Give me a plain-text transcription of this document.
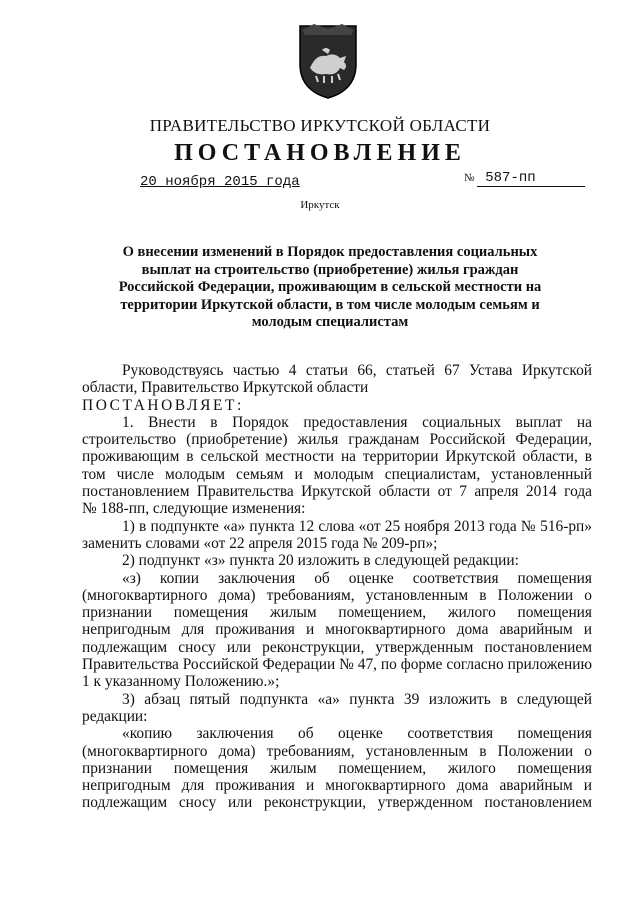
ПРАВИТЕЛЬСТВО ИРКУТСКОЙ ОБЛАСТИ
ПОСТАНОВЛЕНИЕ
20 ноября 2015 года	№ 587-пп
Иркутск
О внесении изменений в Порядок предоставления социальных
выплат на строительство (приобретение) жилья граждан
Российской Федерации, проживающим в сельской местности на
территории Иркутской области, в том числе молодым семьям и
молодым специалистам
Руководствуясь частью 4 статьи 66, статьей 67 Устава Иркутской
области, Правительство Иркутской области
ПОСТАНОВЛЯЕТ:
1. Внести в Порядок предоставления социальных выплат на
строительство (приобретение) жилья гражданам Российской Федерации,
проживающим в сельской местности на территории Иркутской области, в
том числе молодым семьям и молодым специалистам, установленный
постановлением Правительства Иркутской области от 7 апреля 2014 года
№ 188-пп, следующие изменения:
1) в подпункте «а» пункта 12 слова «от 25 ноября 2013 года № 516-рп»
заменить словами «от 22 апреля 2015 года № 209-рп»;
2) подпункт «з» пункта 20 изложить в следующей редакции:
«з) копии заключения об оценке соответствия помещения
(многоквартирного дома) требованиям, установленным в Положении о
признании помещения жилым помещением, жилого помещения
непригодным для проживания и многоквартирного дома аварийным и
подлежащим сносу или реконструкции, утвержденным постановлением
Правительства Российской Федерации № 47, по форме согласно приложению
1 к указанному Положению.»;
3) абзац пятый подпункта «а» пункта 39 изложить в следующей
редакции:
«копию заключения об оценке соответствия помещения
(многоквартирного дома) требованиям, установленным в Положении о
признании помещения жилым помещением, жилого помещения
непригодным для проживания и многоквартирного дома аварийным и
подлежащим сносу или реконструкции, утвержденном постановлением
